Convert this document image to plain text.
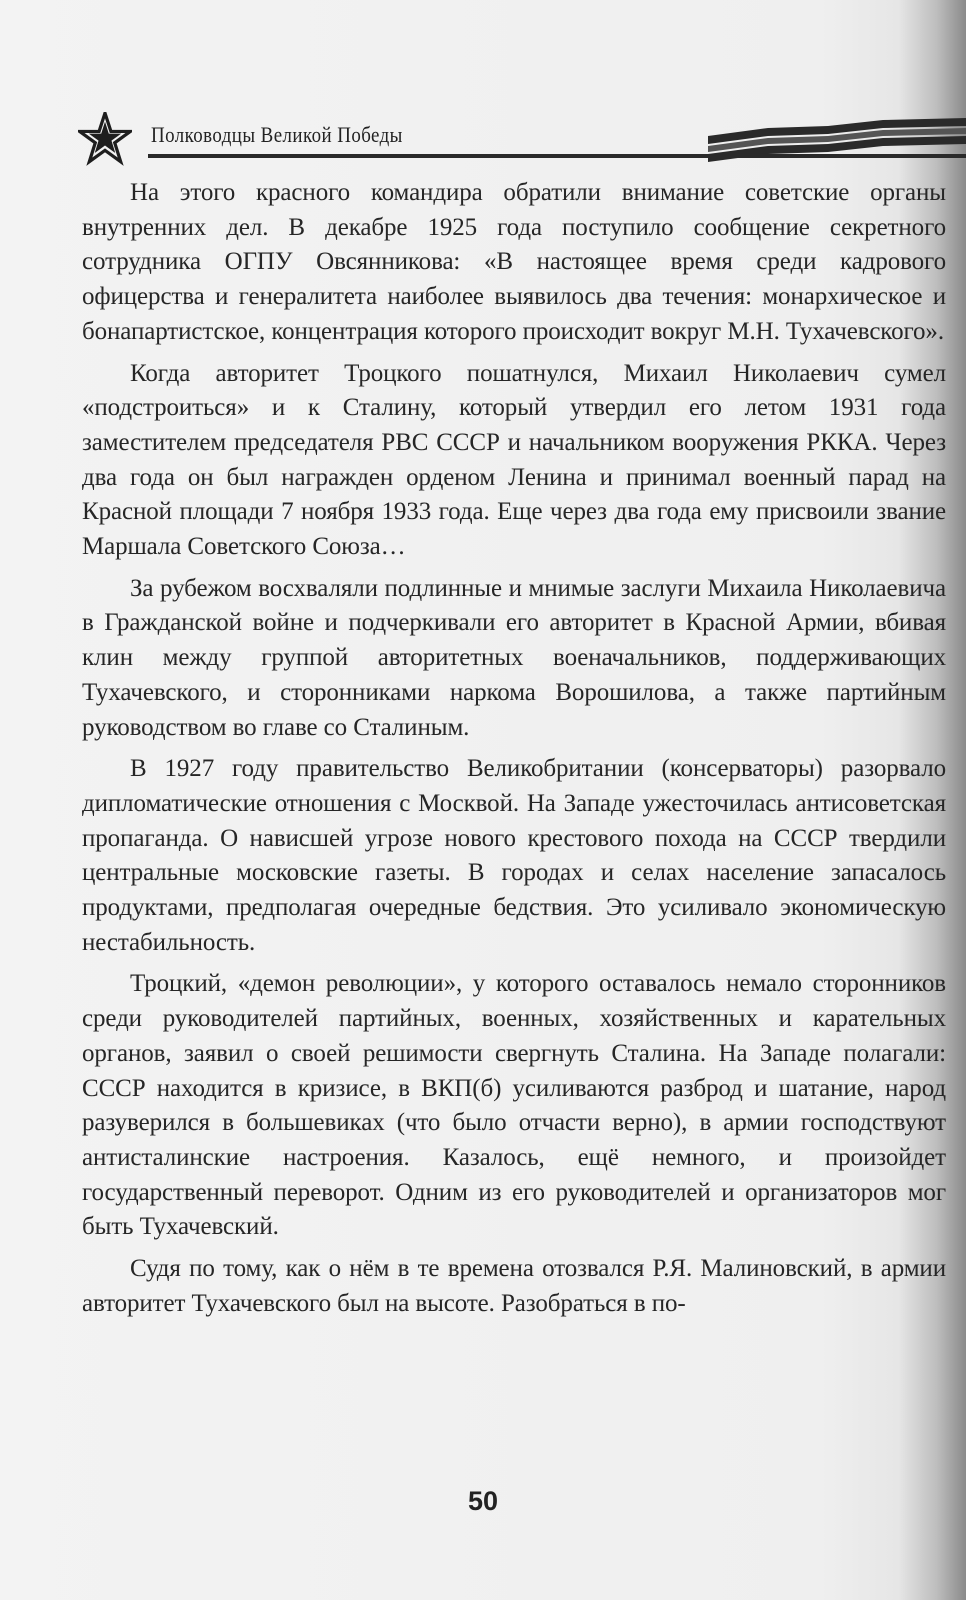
Полководцы Великой Победы

На этого красного командира обратили внимание советские органы внутренних дел. В декабре 1925 года поступило сообщение секретного сотрудника ОГПУ Овсянникова: «В настоящее время среди кадрового офицерства и генералитета наиболее выявилось два течения: монархическое и бонапартистское, концентрация которого происходит вокруг М.Н. Тухачевского».

Когда авторитет Троцкого пошатнулся, Михаил Николаевич сумел «подстроиться» и к Сталину, который утвердил его летом 1931 года заместителем председателя РВС СССР и начальником вооружения РККА. Через два года он был награжден орденом Ленина и принимал военный парад на Красной площади 7 ноября 1933 года. Еще через два года ему присвоили звание Маршала Советского Союза…

За рубежом восхваляли подлинные и мнимые заслуги Михаила Николаевича в Гражданской войне и подчеркивали его авторитет в Красной Армии, вбивая клин между группой авторитетных военачальников, поддерживающих Тухачевского, и сторонниками наркома Ворошилова, а также партийным руководством во главе со Сталиным.

В 1927 году правительство Великобритании (консерваторы) разорвало дипломатические отношения с Москвой. На Западе ужесточилась антисоветская пропаганда. О нависшей угрозе нового крестового похода на СССР твердили центральные московские газеты. В городах и селах население запасалось продуктами, предполагая очередные бедствия. Это усиливало экономическую нестабильность.

Троцкий, «демон революции», у которого оставалось немало сторонников среди руководителей партийных, военных, хозяйственных и карательных органов, заявил о своей решимости свергнуть Сталина. На Западе полагали: СССР находится в кризисе, в ВКП(б) усиливаются разброд и шатание, народ разуверился в большевиках (что было отчасти верно), в армии господствуют антисталинские настроения. Казалось, ещё немного, и произойдет государственный переворот. Одним из его руководителей и организаторов мог быть Тухачевский.

Судя по тому, как о нём в те времена отозвался Р.Я. Малиновский, в армии авторитет Тухачевского был на высоте. Разобраться в по-

50
